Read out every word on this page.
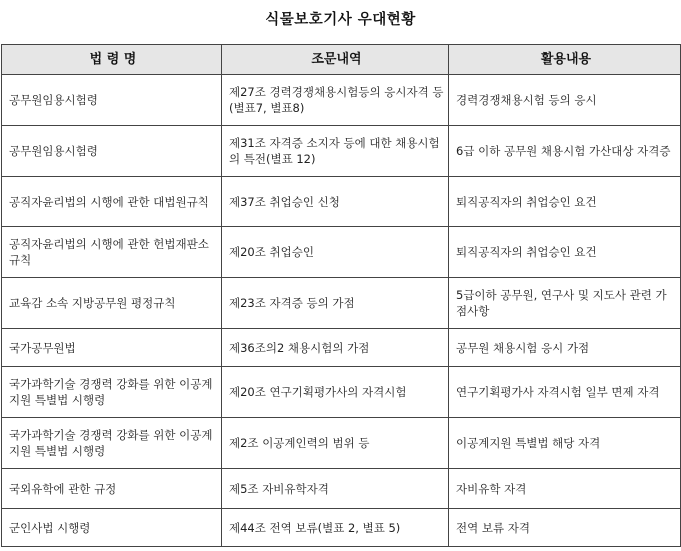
식물보호기사 우대현황
법 령 명	조문내역	활용내용
공무원임용시험령	제27조 경력경쟁채용시험등의 응시자격 등(별표7, 별표8)	경력경쟁채용시험 등의 응시
공무원임용시험령	제31조 자격증 소지자 등에 대한 채용시험의 특전(별표 12)	6급 이하 공무원 채용시험 가산대상 자격증
공직자윤리법의 시행에 관한 대법원규칙	제37조 취업승인 신청	퇴직공직자의 취업승인 요건
공직자윤리법의 시행에 관한 헌법재판소 규칙	제20조 취업승인	퇴직공직자의 취업승인 요건
교육감 소속 지방공무원 평정규칙	제23조 자격증 등의 가점	5급이하 공무원, 연구사 및 지도사 관련 가점사항
국가공무원법	제36조의2 채용시험의 가점	공무원 채용시험 응시 가점
국가과학기술 경쟁력 강화를 위한 이공계지원 특별법 시행령	제20조 연구기획평가사의 자격시험	연구기획평가사 자격시험 일부 면제 자격
국가과학기술 경쟁력 강화를 위한 이공계지원 특별법 시행령	제2조 이공계인력의 범위 등	이공계지원 특별법 해당 자격
국외유학에 관한 규정	제5조 자비유학자격	자비유학 자격
군인사법 시행령	제44조 전역 보류(별표 2, 별표 5)	전역 보류 자격
